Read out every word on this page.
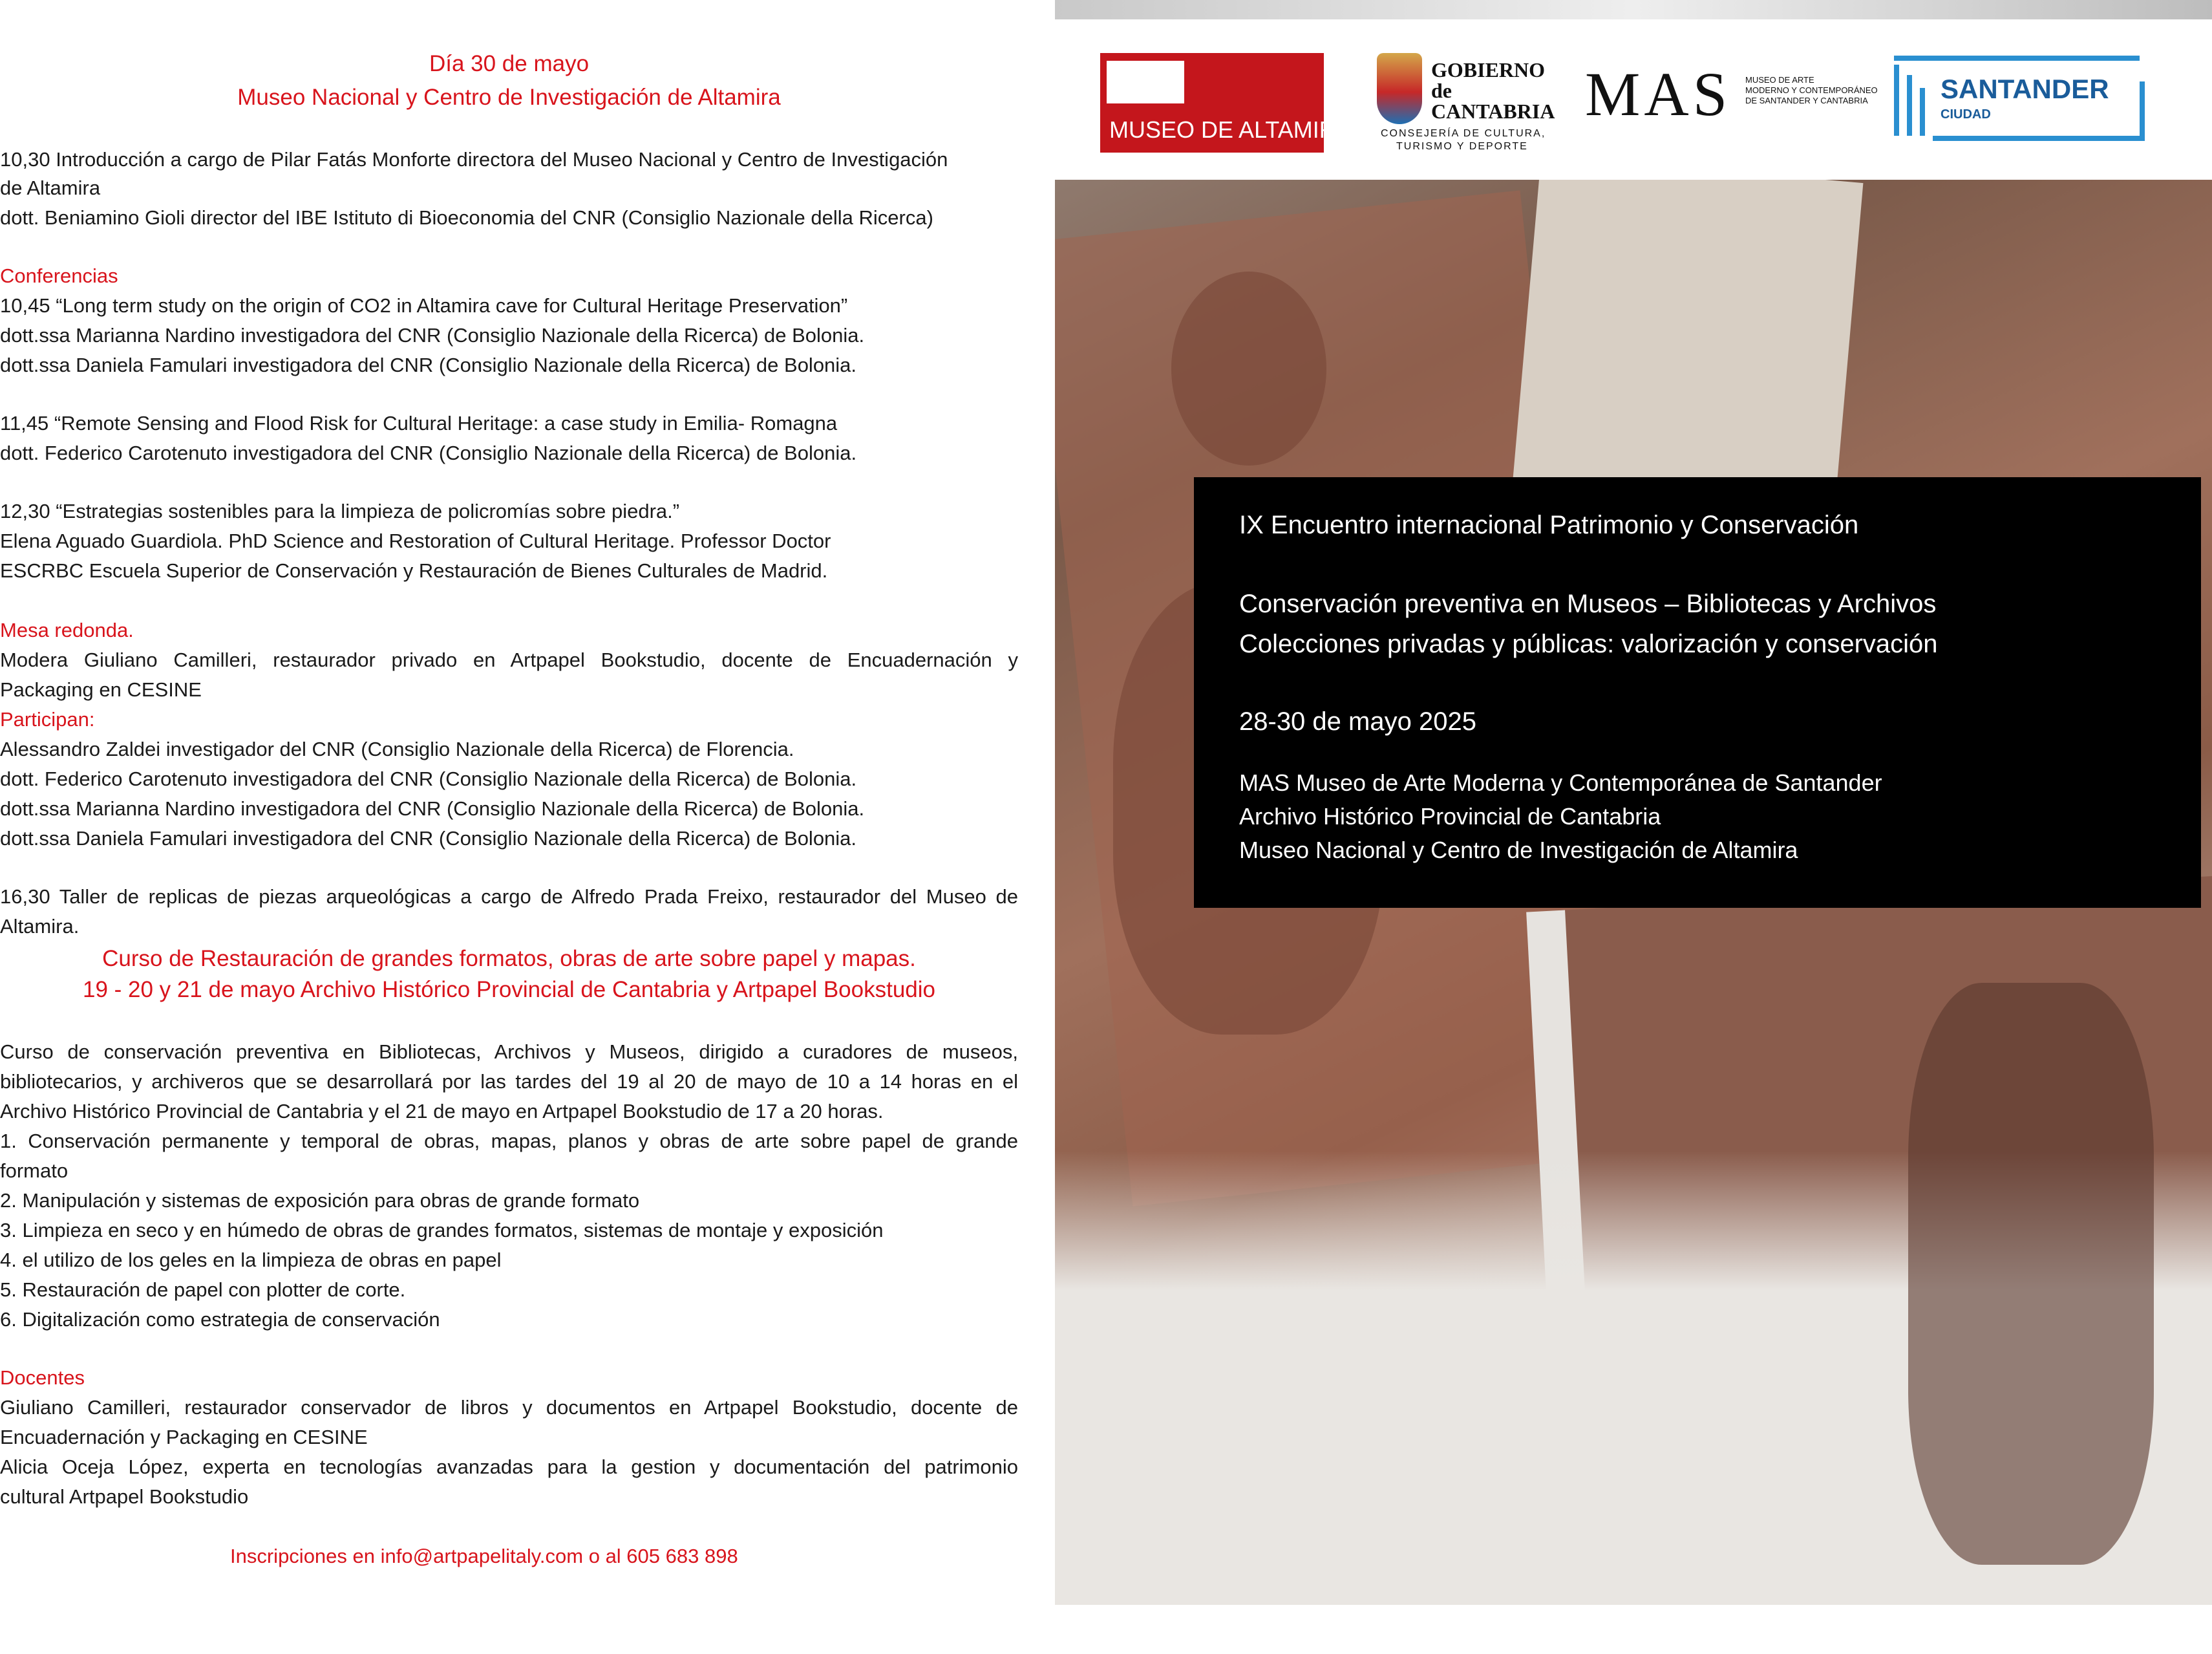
Día 30 de mayo
Museo Nacional y Centro de Investigación de Altamira
10,30 Introducción a cargo de Pilar Fatás Monforte directora del Museo Nacional y Centro de Investigación
de Altamira
dott. Beniamino Gioli director del IBE Istituto di Bioeconomia del CNR (Consiglio Nazionale della Ricerca)
Conferencias
10,45 “Long term study on the origin of CO2 in Altamira cave for Cultural Heritage Preservation”
dott.ssa Marianna Nardino investigadora del CNR (Consiglio Nazionale della Ricerca) de Bolonia.
dott.ssa Daniela Famulari investigadora del CNR (Consiglio Nazionale della Ricerca) de Bolonia.
11,45 “Remote Sensing and Flood Risk for Cultural Heritage: a case study in Emilia- Romagna
dott. Federico Carotenuto investigadora del CNR (Consiglio Nazionale della Ricerca) de Bolonia.
12,30 “Estrategias sostenibles para la limpieza de policromías sobre piedra.”
Elena Aguado Guardiola. PhD Science and Restoration of Cultural Heritage. Professor Doctor
ESCRBC Escuela Superior de Conservación y Restauración de Bienes Culturales de Madrid.
Mesa redonda.
Modera Giuliano Camilleri, restaurador privado en Artpapel Bookstudio, docente de Encuadernación y
Packaging en CESINE
Participan:
Alessandro Zaldei investigador del CNR (Consiglio Nazionale della Ricerca) de Florencia.
dott. Federico Carotenuto investigadora del CNR (Consiglio Nazionale della Ricerca) de Bolonia.
dott.ssa Marianna Nardino investigadora del CNR (Consiglio Nazionale della Ricerca) de Bolonia.
dott.ssa Daniela Famulari investigadora del CNR (Consiglio Nazionale della Ricerca) de Bolonia.
16,30 Taller de replicas de piezas arqueológicas a cargo de Alfredo Prada Freixo, restaurador del Museo de
Altamira.
Curso de Restauración de grandes formatos, obras de arte sobre papel y mapas.
19 - 20 y 21 de mayo Archivo Histórico Provincial de Cantabria y Artpapel Bookstudio
Curso de conservación preventiva en Bibliotecas, Archivos y Museos, dirigido a curadores de museos,
bibliotecarios, y archiveros que se desarrollará por las tardes del 19 al 20 de mayo de 10 a 14 horas en el
Archivo Histórico Provincial de Cantabria y el 21 de mayo en Artpapel Bookstudio de 17 a 20 horas.
1. Conservación permanente y temporal de obras, mapas, planos y obras de arte sobre papel de grande
formato
2. Manipulación y sistemas de exposición para obras de grande formato
3. Limpieza en seco y en húmedo de obras de grandes formatos, sistemas de montaje y exposición
4. el utilizo de los geles en la limpieza de obras en papel
5. Restauración de papel con plotter de corte.
6. Digitalización como estrategia de conservación
Docentes
Giuliano Camilleri, restaurador conservador de libros y documentos en Artpapel Bookstudio, docente de
Encuadernación y Packaging en CESINE
Alicia Oceja López, experta en tecnologías avanzadas para la gestion y documentación del patrimonio
cultural Artpapel Bookstudio
Inscripciones en info@artpapelitaly.com o al 605 683 898
MUSEO DE ALTAMIRA
GOBIERNO
de
CANTABRIA
CONSEJERÍA DE CULTURA,
TURISMO Y DEPORTE
MAS MUSEO DE ARTE
MODERNO Y CONTEMPORÁNEO
DE SANTANDER Y CANTABRIA	SANTANDER
CIUDAD
IX Encuentro internacional Patrimonio y Conservación
Conservación preventiva en Museos – Bibliotecas y Archivos
Colecciones privadas y públicas: valorización y conservación
28-30 de mayo 2025
MAS Museo de Arte Moderna y Contemporánea de Santander
Archivo Histórico Provincial de Cantabria
Museo Nacional y Centro de Investigación de Altamira
